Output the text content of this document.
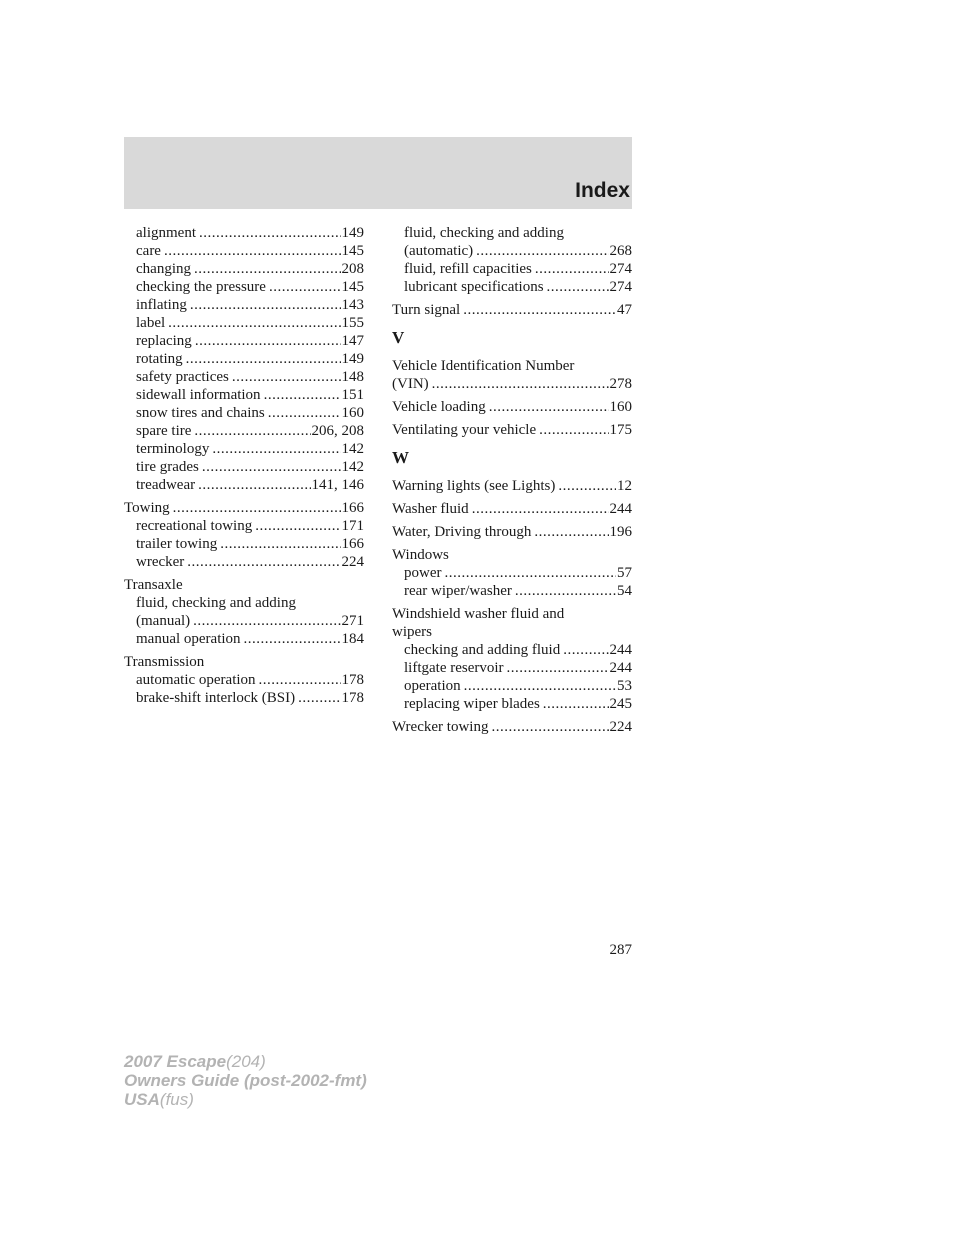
Index
alignment .....	149
care .....	145
changing .....	208
checking the pressure .....	145
inflating .....	143
label .....	155
replacing .....	147
rotating .....	149
safety practices .....	148
sidewall information .....	151
snow tires and chains .....	160
spare tire .....	206, 208
terminology .....	142
tire grades .....	142
treadwear .....	141, 146
Towing .....	166
recreational towing .....	171
trailer towing .....	166
wrecker .....	224
Transaxle
fluid, checking and adding
(manual) .....	271
manual operation .....	184
Transmission
automatic operation .....	178
brake-shift interlock (BSI) .....	178
fluid, checking and adding
(automatic) .....	268
fluid, refill capacities .....	274
lubricant specifications .....	274
Turn signal .....	47
V
Vehicle Identification Number
(VIN) .....	278
Vehicle loading .....	160
Ventilating your vehicle .....	175
W
Warning lights (see Lights) .....	12
Washer fluid .....	244
Water, Driving through .....	196
Windows
power .....	57
rear wiper/washer .....	54
Windshield washer fluid and
wipers
checking and adding fluid .....	244
liftgate reservoir .....	244
operation .....	53
replacing wiper blades .....	245
Wrecker towing .....	224
287
2007 Escape(204)
Owners Guide (post-2002-fmt)
USA(fus)
